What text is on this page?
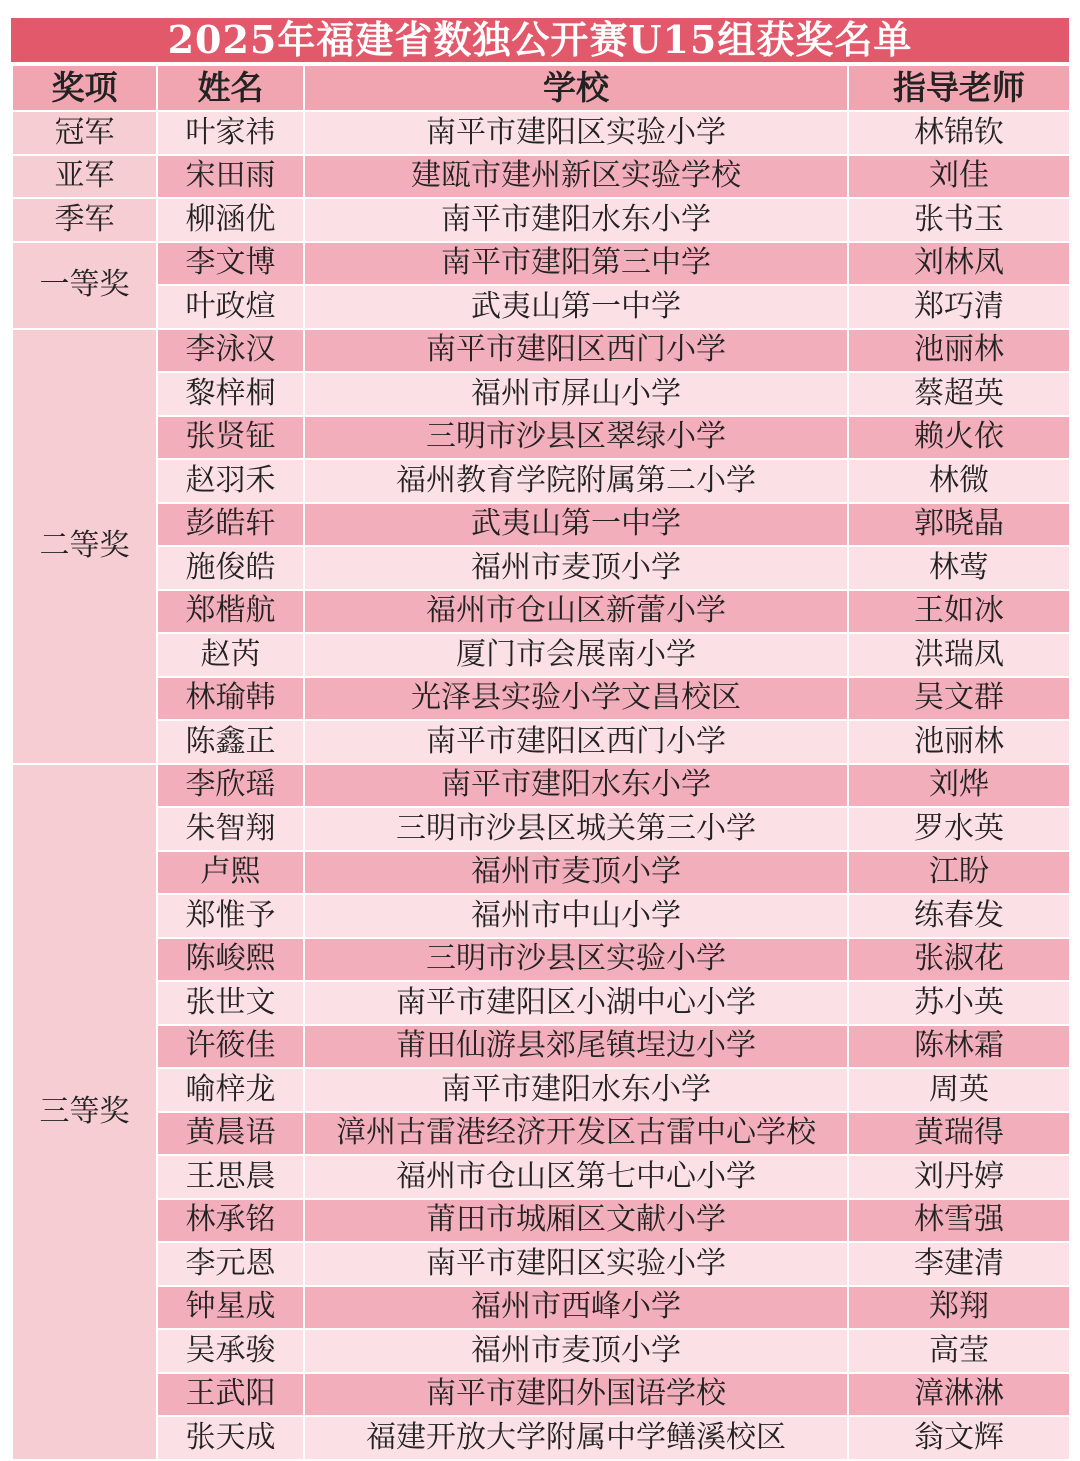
2025年福建省数独公开赛U15组获奖名单
奖项	姓名	学校	指导老师
冠军	叶家祎	南平市建阳区实验小学	林锦钦
亚军	宋田雨	建瓯市建州新区实验学校	刘佳
季军	柳涵优	南平市建阳水东小学	张书玉
一等奖	李文博	南平市建阳第三中学	刘林凤
	叶政煊	武夷山第一中学	郑巧清
二等奖	李泳汉	南平市建阳区西门小学	池丽林
	黎梓桐	福州市屏山小学	蔡超英
	张贤钲	三明市沙县区翠绿小学	赖火依
	赵羽禾	福州教育学院附属第二小学	林微
	彭皓轩	武夷山第一中学	郭晓晶
	施俊皓	福州市麦顶小学	林莺
	郑楷航	福州市仓山区新蕾小学	王如冰
	赵芮	厦门市会展南小学	洪瑞凤
	林瑜韩	光泽县实验小学文昌校区	吴文群
	陈鑫正	南平市建阳区西门小学	池丽林
三等奖	李欣瑶	南平市建阳水东小学	刘烨
	朱智翔	三明市沙县区城关第三小学	罗水英
	卢熙	福州市麦顶小学	江盼
	郑惟予	福州市中山小学	练春发
	陈峻熙	三明市沙县区实验小学	张淑花
	张世文	南平市建阳区小湖中心小学	苏小英
	许筱佳	莆田仙游县郊尾镇埕边小学	陈林霜
	喻梓龙	南平市建阳水东小学	周英
	黄晨语	漳州古雷港经济开发区古雷中心学校	黄瑞得
	王思晨	福州市仓山区第七中心小学	刘丹婷
	林承铭	莆田市城厢区文献小学	林雪强
	李元恩	南平市建阳区实验小学	李建清
	钟星成	福州市西峰小学	郑翔
	吴承骏	福州市麦顶小学	高莹
	王武阳	南平市建阳外国语学校	漳淋淋
	张天成	福建开放大学附属中学鳝溪校区	翁文辉
